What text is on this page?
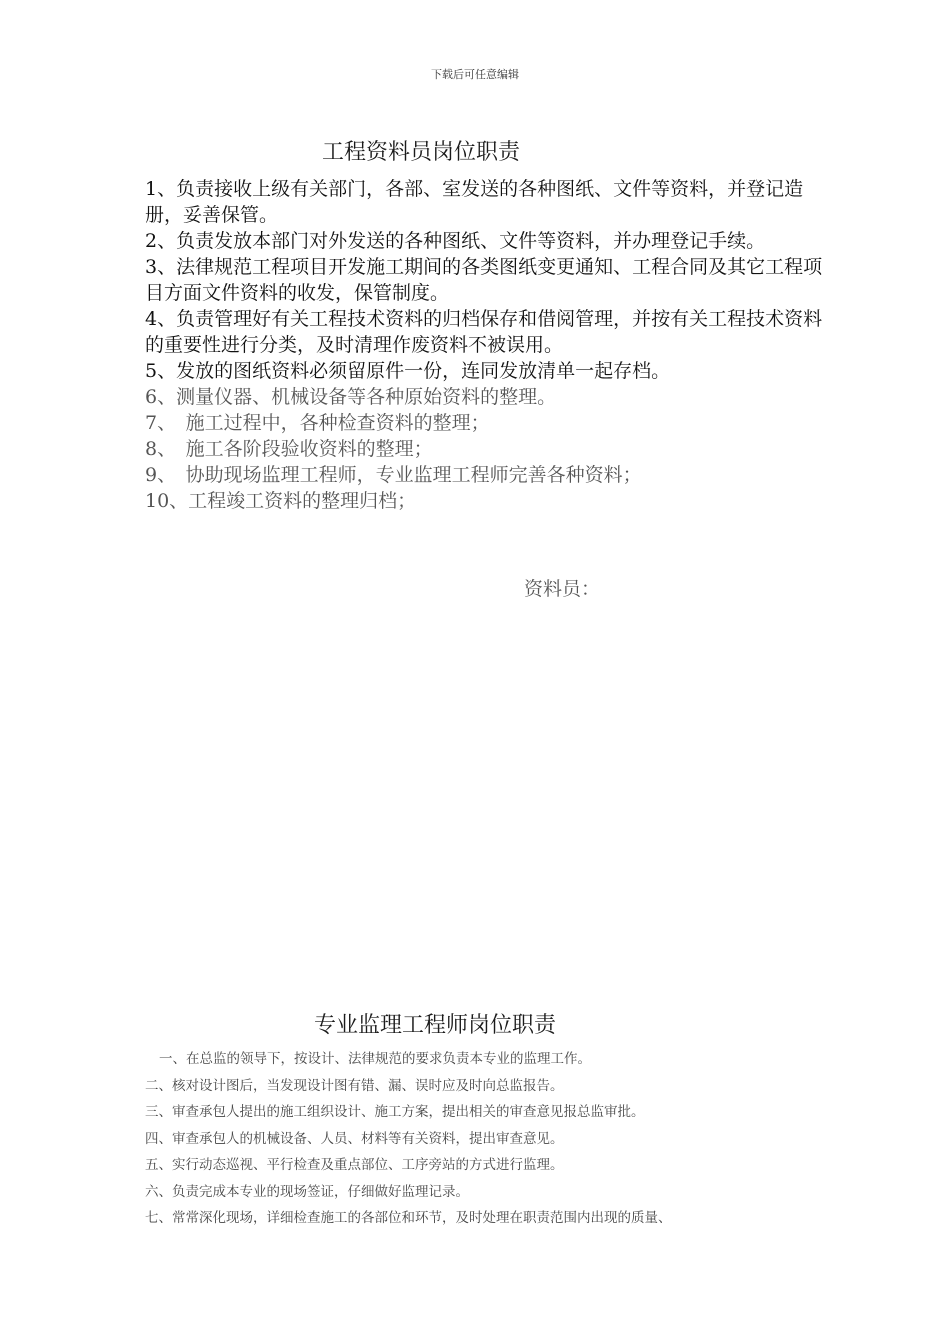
下载后可任意编辑
工程资料员岗位职责
1、负责接收上级有关部门，各部、室发送的各种图纸、文件等资料，并登记造册，妥善保管。
2、负责发放本部门对外发送的各种图纸、文件等资料，并办理登记手续。
3、法律规范工程项目开发施工期间的各类图纸变更通知、工程合同及其它工程项目方面文件资料的收发，保管制度。
4、负责管理好有关工程技术资料的归档保存和借阅管理，并按有关工程技术资料的重要性进行分类，及时清理作废资料不被误用。
5、发放的图纸资料必须留原件一份，连同发放清单一起存档。
6、测量仪器、机械设备等各种原始资料的整理。
7、　施工过程中，各种检查资料的整理；
8、　施工各阶段验收资料的整理；
9、　协助现场监理工程师，专业监理工程师完善各种资料；
10、工程竣工资料的整理归档；
资料员：
专业监理工程师岗位职责
一、在总监的领导下，按设计、法律规范的要求负责本专业的监理工作。
二、核对设计图后，当发现设计图有错、漏、误时应及时向总监报告。
三、审查承包人提出的施工组织设计、施工方案，提出相关的审查意见报总监审批。
四、审查承包人的机械设备、人员、材料等有关资料，提出审查意见。
五、实行动态巡视、平行检查及重点部位、工序旁站的方式进行监理。
六、负责完成本专业的现场签证，仔细做好监理记录。
七、常常深化现场，详细检查施工的各部位和环节，及时处理在职责范围内出现的质量、
